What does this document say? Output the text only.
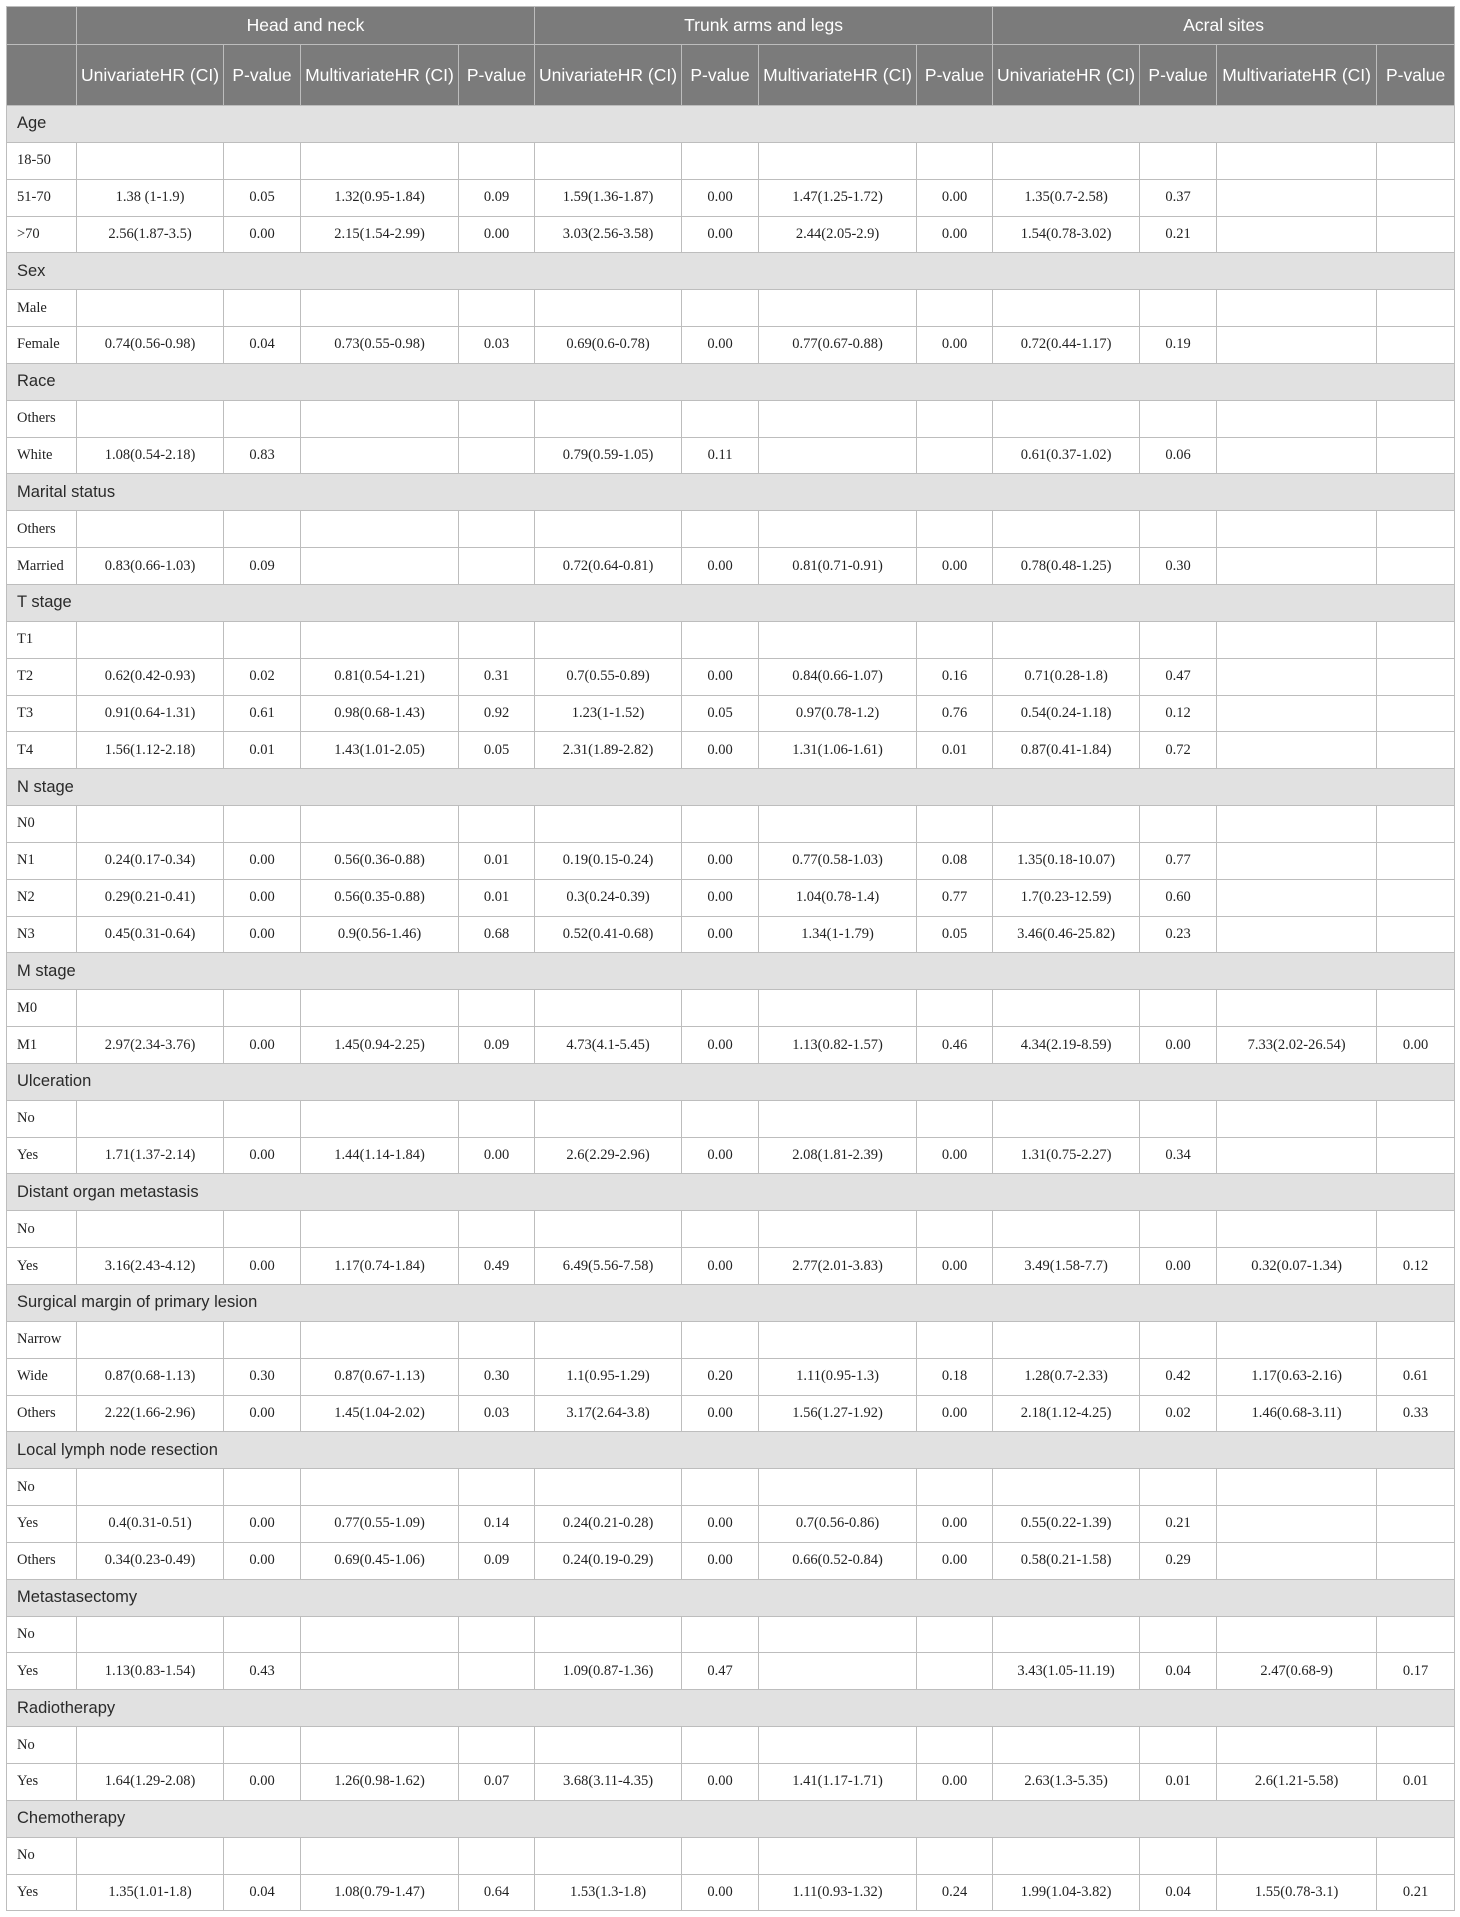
	Head and neck				Trunk arms and legs				Acral sites			
	UnivariateHR (CI)	P-value	MultivariateHR (CI)	P-value	UnivariateHR (CI)	P-value	MultivariateHR (CI)	P-value	UnivariateHR (CI)	P-value	MultivariateHR (CI)	P-value
Age												
18-50												
51-70	1.38 (1-1.9)	0.05	1.32(0.95-1.84)	0.09	1.59(1.36-1.87)	0.00	1.47(1.25-1.72)	0.00	1.35(0.7-2.58)	0.37		
>70	2.56(1.87-3.5)	0.00	2.15(1.54-2.99)	0.00	3.03(2.56-3.58)	0.00	2.44(2.05-2.9)	0.00	1.54(0.78-3.02)	0.21		
Sex												
Male												
Female	0.74(0.56-0.98)	0.04	0.73(0.55-0.98)	0.03	0.69(0.6-0.78)	0.00	0.77(0.67-0.88)	0.00	0.72(0.44-1.17)	0.19		
Race												
Others												
White	1.08(0.54-2.18)	0.83			0.79(0.59-1.05)	0.11			0.61(0.37-1.02)	0.06		
Marital status												
Others												
Married	0.83(0.66-1.03)	0.09			0.72(0.64-0.81)	0.00	0.81(0.71-0.91)	0.00	0.78(0.48-1.25)	0.30		
T stage												
T1												
T2	0.62(0.42-0.93)	0.02	0.81(0.54-1.21)	0.31	0.7(0.55-0.89)	0.00	0.84(0.66-1.07)	0.16	0.71(0.28-1.8)	0.47		
T3	0.91(0.64-1.31)	0.61	0.98(0.68-1.43)	0.92	1.23(1-1.52)	0.05	0.97(0.78-1.2)	0.76	0.54(0.24-1.18)	0.12		
T4	1.56(1.12-2.18)	0.01	1.43(1.01-2.05)	0.05	2.31(1.89-2.82)	0.00	1.31(1.06-1.61)	0.01	0.87(0.41-1.84)	0.72		
N stage												
N0												
N1	0.24(0.17-0.34)	0.00	0.56(0.36-0.88)	0.01	0.19(0.15-0.24)	0.00	0.77(0.58-1.03)	0.08	1.35(0.18-10.07)	0.77		
N2	0.29(0.21-0.41)	0.00	0.56(0.35-0.88)	0.01	0.3(0.24-0.39)	0.00	1.04(0.78-1.4)	0.77	1.7(0.23-12.59)	0.60		
N3	0.45(0.31-0.64)	0.00	0.9(0.56-1.46)	0.68	0.52(0.41-0.68)	0.00	1.34(1-1.79)	0.05	3.46(0.46-25.82)	0.23		
M stage												
M0												
M1	2.97(2.34-3.76)	0.00	1.45(0.94-2.25)	0.09	4.73(4.1-5.45)	0.00	1.13(0.82-1.57)	0.46	4.34(2.19-8.59)	0.00	7.33(2.02-26.54)	0.00
Ulceration												
No												
Yes	1.71(1.37-2.14)	0.00	1.44(1.14-1.84)	0.00	2.6(2.29-2.96)	0.00	2.08(1.81-2.39)	0.00	1.31(0.75-2.27)	0.34		
Distant organ metastasis												
No												
Yes	3.16(2.43-4.12)	0.00	1.17(0.74-1.84)	0.49	6.49(5.56-7.58)	0.00	2.77(2.01-3.83)	0.00	3.49(1.58-7.7)	0.00	0.32(0.07-1.34)	0.12
Surgical margin of primary lesion												
Narrow												
Wide	0.87(0.68-1.13)	0.30	0.87(0.67-1.13)	0.30	1.1(0.95-1.29)	0.20	1.11(0.95-1.3)	0.18	1.28(0.7-2.33)	0.42	1.17(0.63-2.16)	0.61
Others	2.22(1.66-2.96)	0.00	1.45(1.04-2.02)	0.03	3.17(2.64-3.8)	0.00	1.56(1.27-1.92)	0.00	2.18(1.12-4.25)	0.02	1.46(0.68-3.11)	0.33
Local lymph node resection												
No												
Yes	0.4(0.31-0.51)	0.00	0.77(0.55-1.09)	0.14	0.24(0.21-0.28)	0.00	0.7(0.56-0.86)	0.00	0.55(0.22-1.39)	0.21		
Others	0.34(0.23-0.49)	0.00	0.69(0.45-1.06)	0.09	0.24(0.19-0.29)	0.00	0.66(0.52-0.84)	0.00	0.58(0.21-1.58)	0.29		
Metastasectomy												
No												
Yes	1.13(0.83-1.54)	0.43			1.09(0.87-1.36)	0.47			3.43(1.05-11.19)	0.04	2.47(0.68-9)	0.17
Radiotherapy												
No												
Yes	1.64(1.29-2.08)	0.00	1.26(0.98-1.62)	0.07	3.68(3.11-4.35)	0.00	1.41(1.17-1.71)	0.00	2.63(1.3-5.35)	0.01	2.6(1.21-5.58)	0.01
Chemotherapy												
No												
Yes	1.35(1.01-1.8)	0.04	1.08(0.79-1.47)	0.64	1.53(1.3-1.8)	0.00	1.11(0.93-1.32)	0.24	1.99(1.04-3.82)	0.04	1.55(0.78-3.1)	0.21
